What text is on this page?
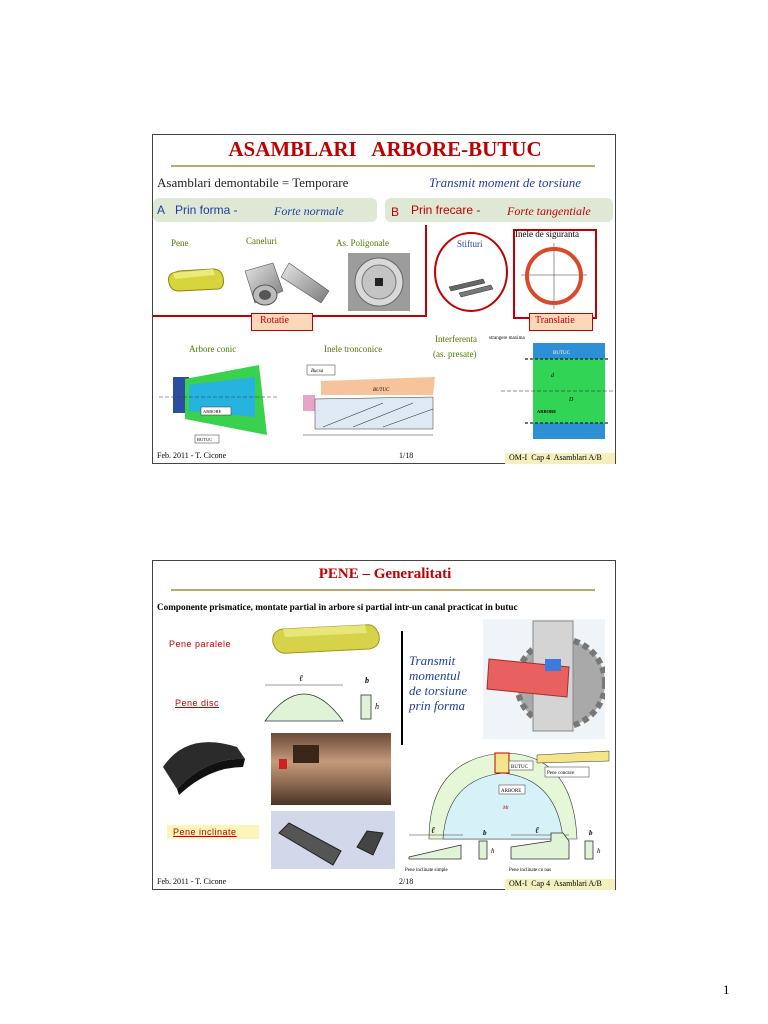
ASAMBLARI   ARBORE-BUTUC
Asamblari demontabile = Temporare	Transmit moment de torsiune
A Prin forma -	Forte normale	B Prin frecare - Forte tangentiale
Pene	Caneluri	As. Poligonale	Stifturi
Inele de siguranta
Rotatie	Translatie
Arbore conic	Inele tronconice
Interferenta
(as. presate)
strangere maxima
ARBORE
BUTUC
Bucsa
BUTUC
BUTUC
ARBORE
d
D
Feb. 2011 - T. Cicone	1/18	OM-I  Cap 4  Asamblari A/B
PENE – Generalitati
Componente prismatice, montate partial in arbore si partial intr-un canal practicat in butuc
Pene paralele
Pene disc
ℓ	b
h
Transmit
momentul
de torsiune
prin forma
BUTUC
ARBORE
Mt
Pene concave
Pene inclinate	ℓ	b
h
Pene inclinate simple
ℓ	b
h
Pene inclinate cu nas
Feb. 2011 - T. Cicone	2/18	OM-I  Cap 4  Asamblari A/B
1
